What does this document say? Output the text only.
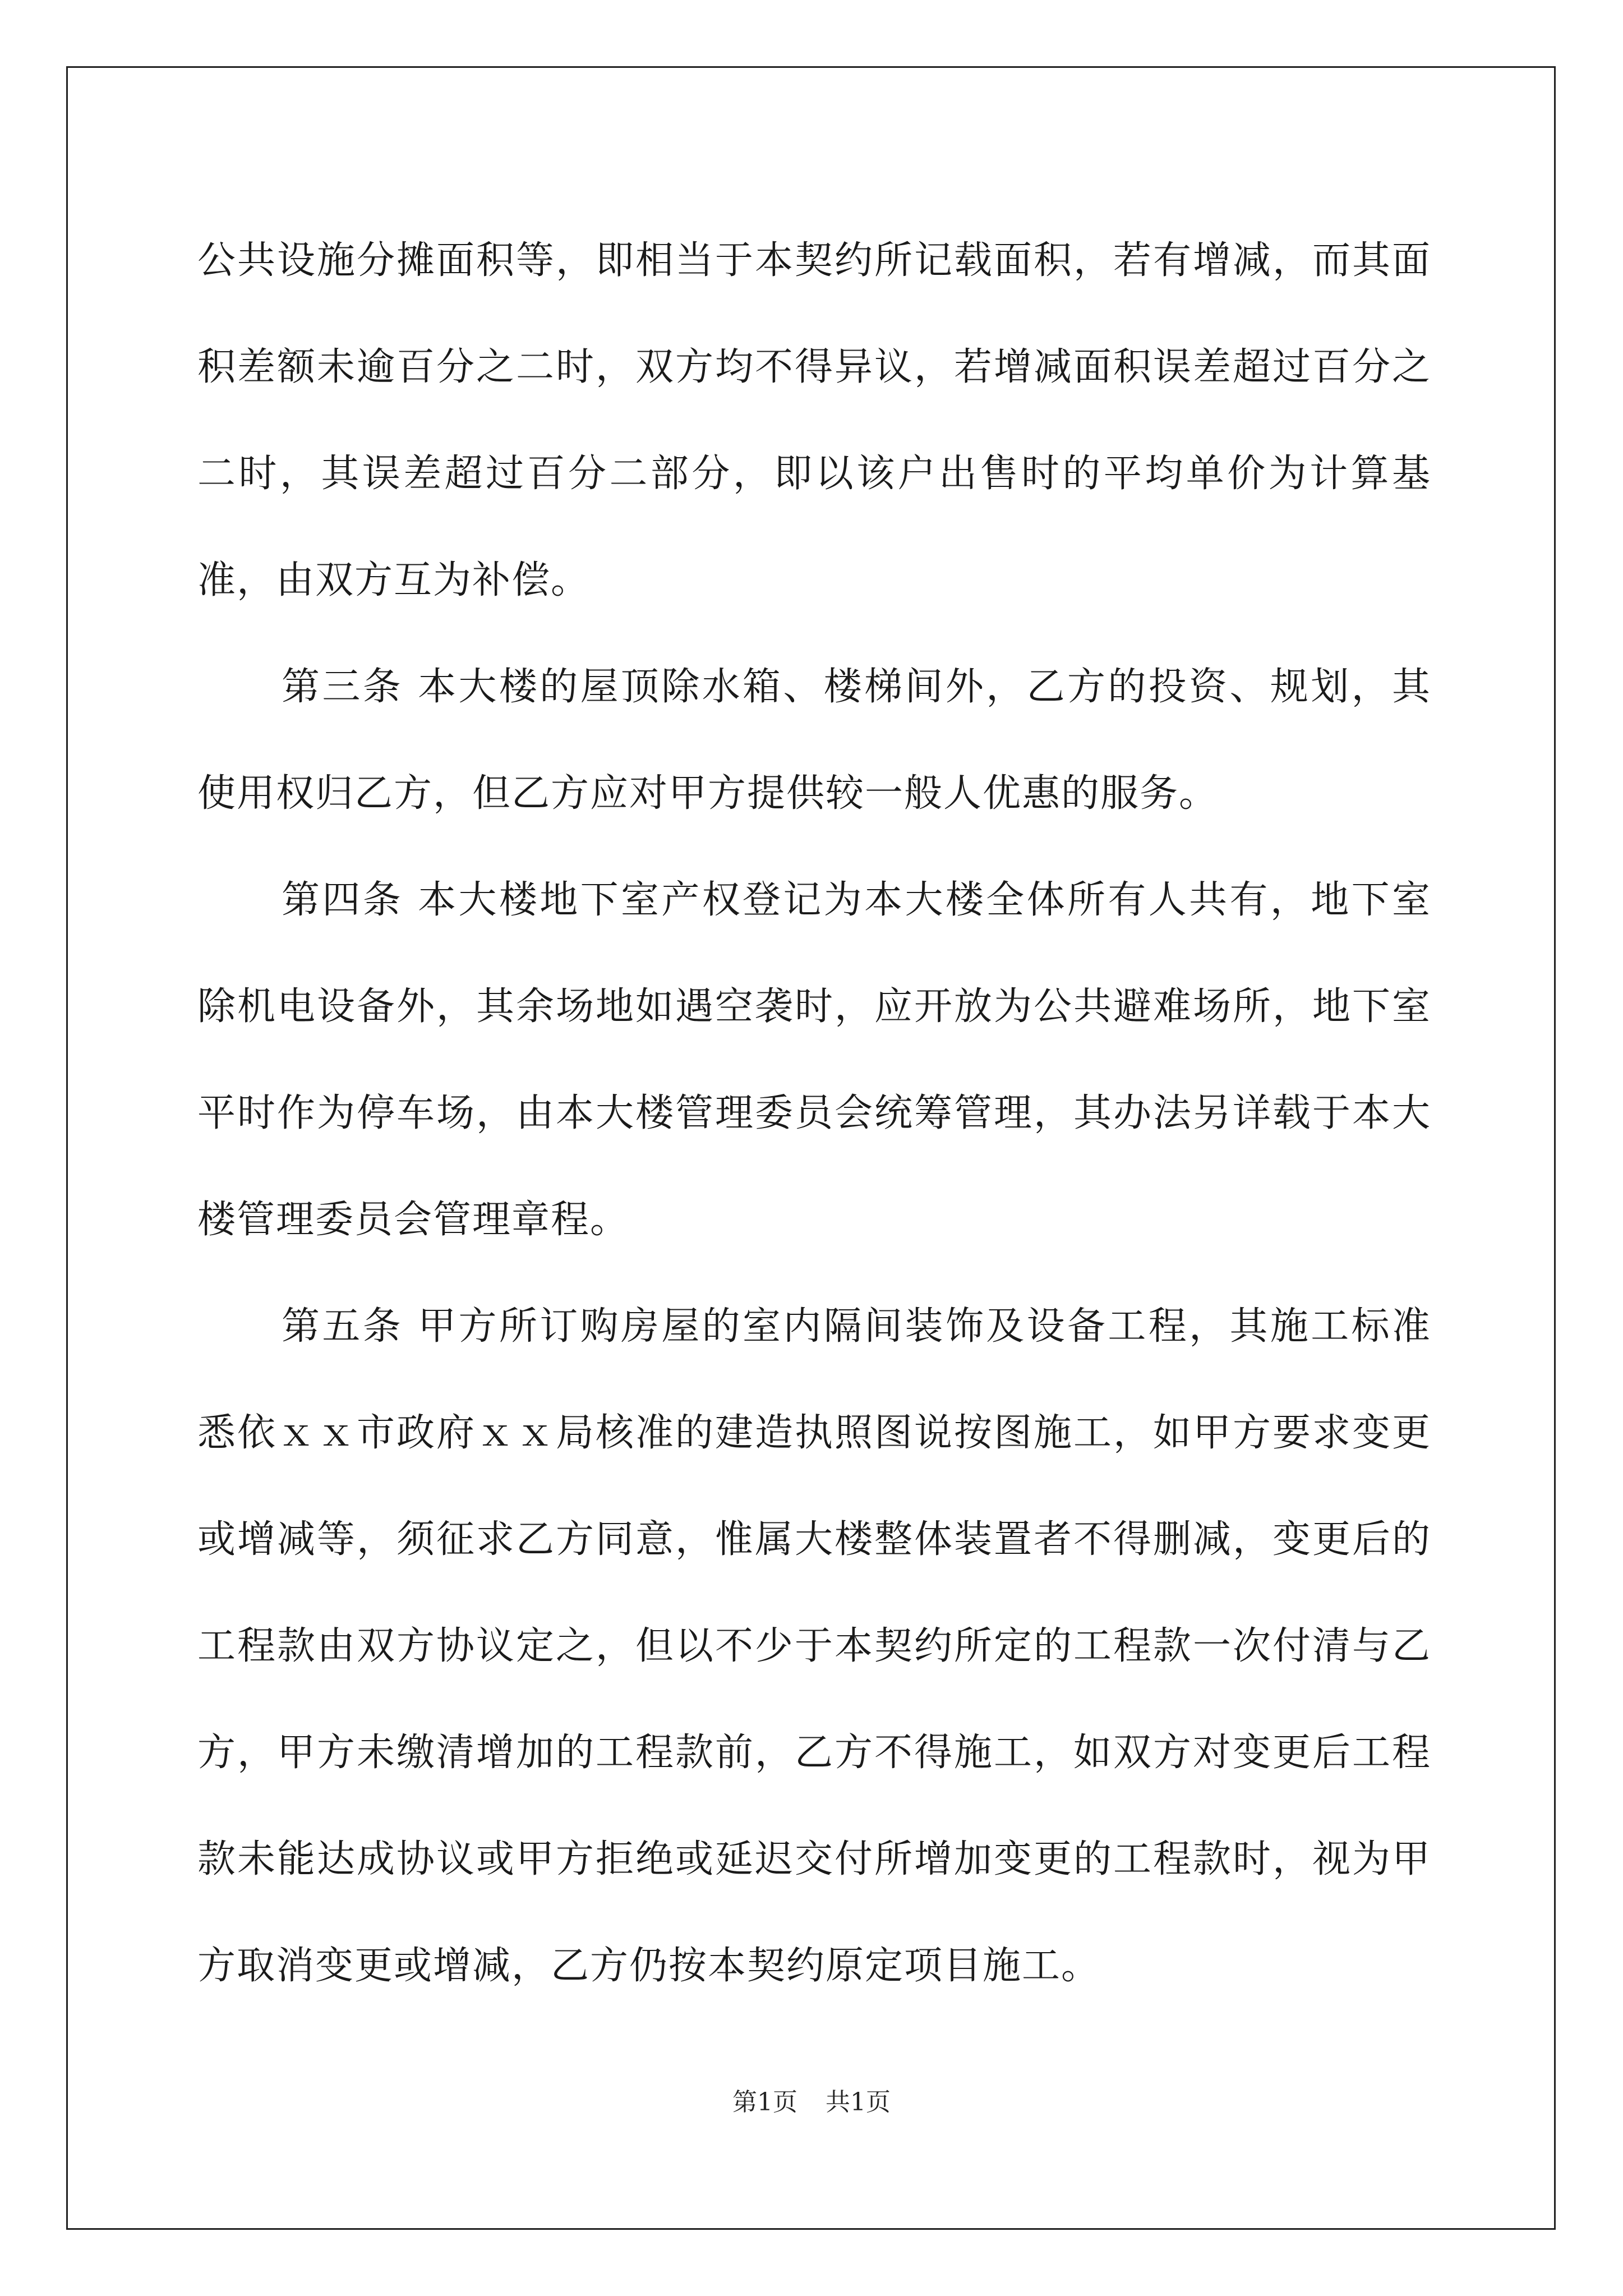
公共设施分摊面积等，即相当于本契约所记载面积，若有增减，而其面积差额未逾百分之二时，双方均不得异议，若增减面积误差超过百分之二时，其误差超过百分二部分，即以该户出售时的平均单价为计算基准，由双方互为补偿。

第三条 本大楼的屋顶除水箱、楼梯间外，乙方的投资、规划，其使用权归乙方，但乙方应对甲方提供较一般人优惠的服务。

第四条 本大楼地下室产权登记为本大楼全体所有人共有，地下室除机电设备外，其余场地如遇空袭时，应开放为公共避难场所，地下室平时作为停车场，由本大楼管理委员会统筹管理，其办法另详载于本大楼管理委员会管理章程。

第五条 甲方所订购房屋的室内隔间装饰及设备工程，其施工标准悉依ｘｘ市政府ｘｘ局核准的建造执照图说按图施工，如甲方要求变更或增减等，须征求乙方同意，惟属大楼整体装置者不得删减，变更后的工程款由双方协议定之，但以不少于本契约所定的工程款一次付清与乙方，甲方未缴清增加的工程款前，乙方不得施工，如双方对变更后工程款未能达成协议或甲方拒绝或延迟交付所增加变更的工程款时，视为甲方取消变更或增减，乙方仍按本契约原定项目施工。

第1页 共1页
